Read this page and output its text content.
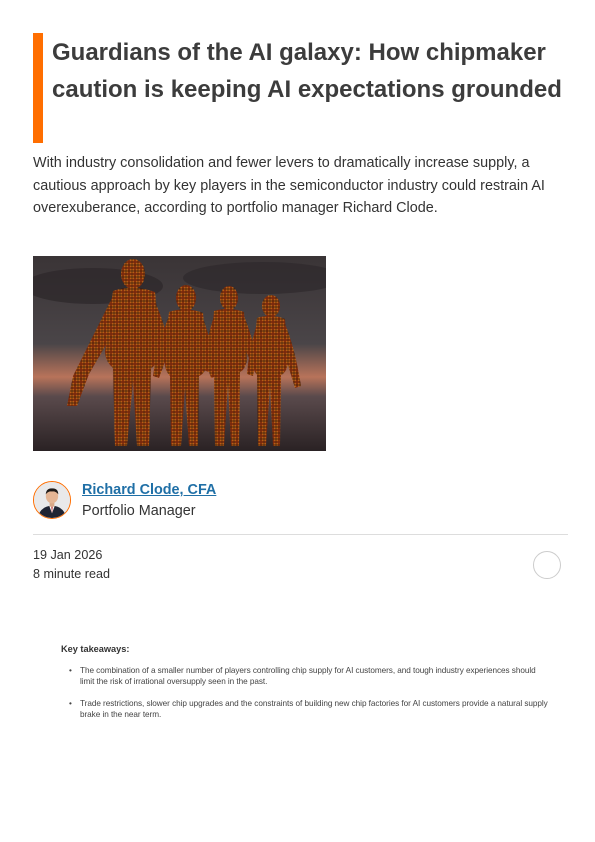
Guardians of the AI galaxy: How chipmaker caution is keeping AI expectations grounded

With industry consolidation and fewer levers to dramatically increase supply, a cautious approach by key players in the semiconductor industry could restrain AI overexuberance, according to portfolio manager Richard Clode.

Richard Clode, CFA
Portfolio Manager
19 Jan 2026
8 minute read

Key takeaways:

• The combination of a smaller number of players controlling chip supply for AI customers, and tough industry experiences should limit the risk of irrational oversupply seen in the past.
• Trade restrictions, slower chip upgrades and the constraints of building new chip factories for AI customers provide a natural supply brake in the near term.
